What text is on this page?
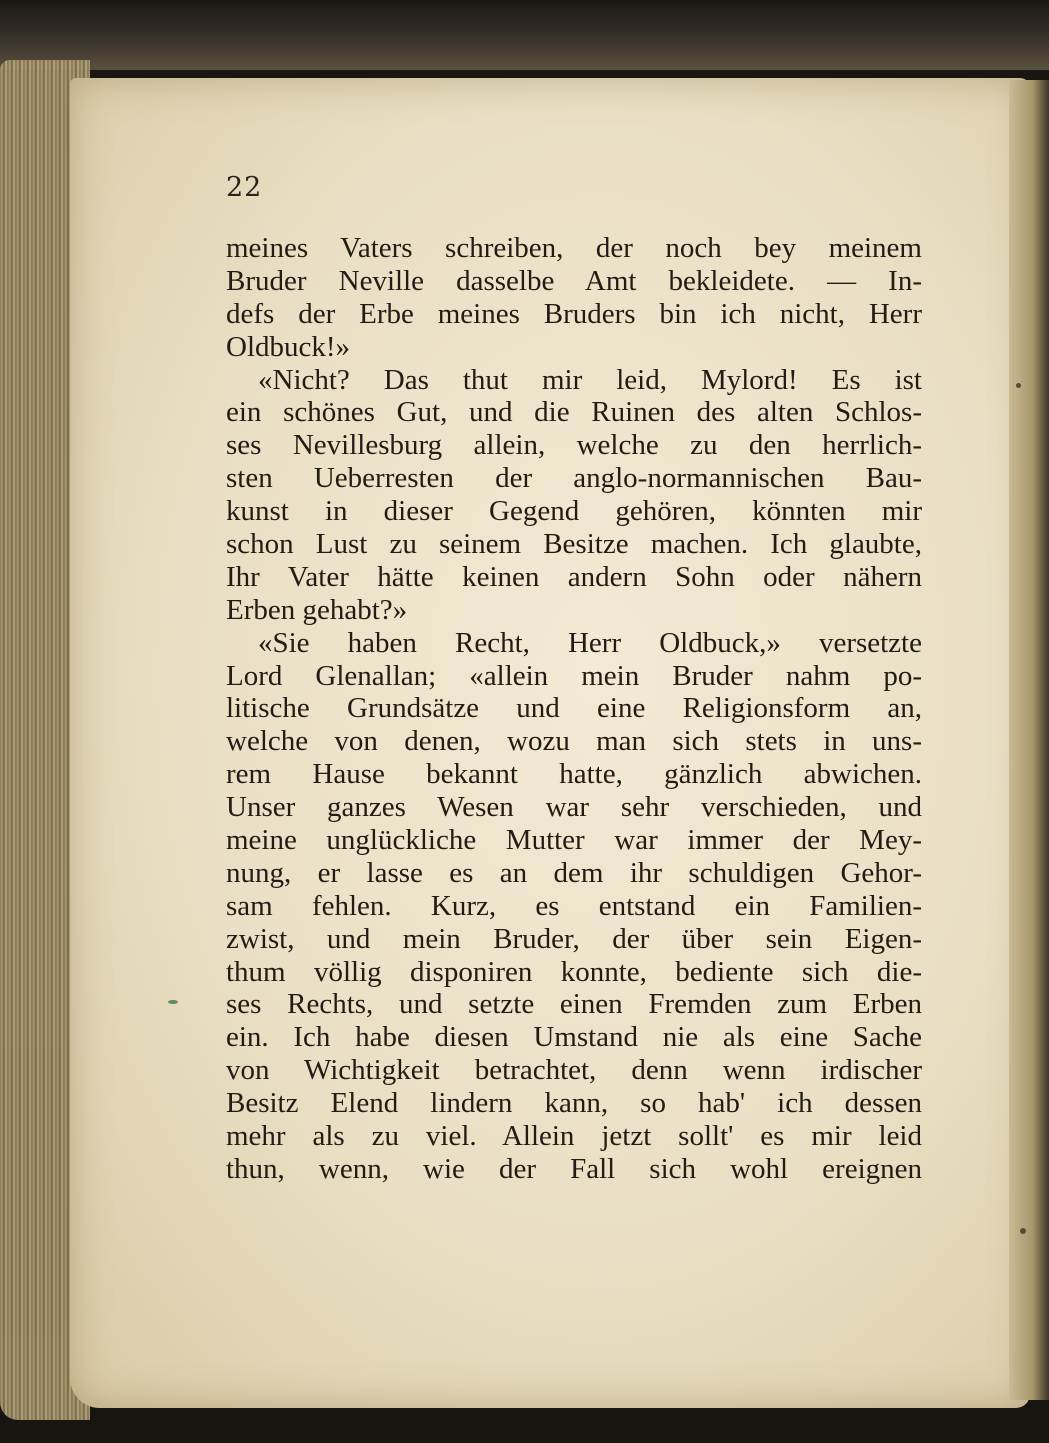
22
meines Vaters schreiben, der noch bey meinem
Bruder Neville dasselbe Amt bekleidete. — In-
defs der Erbe meines Bruders bin ich nicht, Herr
Oldbuck!»
«Nicht? Das thut mir leid, Mylord! Es ist
ein schönes Gut, und die Ruinen des alten Schlos-
ses Nevillesburg allein, welche zu den herrlich-
sten Ueberresten der anglo-normannischen Bau-
kunst in dieser Gegend gehören, könnten mir
schon Lust zu seinem Besitze machen. Ich glaubte,
Ihr Vater hätte keinen andern Sohn oder nähern
Erben gehabt?»
«Sie haben Recht, Herr Oldbuck,» versetzte
Lord Glenallan; «allein mein Bruder nahm po-
litische Grundsätze und eine Religionsform an,
welche von denen, wozu man sich stets in uns-
rem Hause bekannt hatte, gänzlich abwichen.
Unser ganzes Wesen war sehr verschieden, und
meine unglückliche Mutter war immer der Mey-
nung, er lasse es an dem ihr schuldigen Gehor-
sam fehlen. Kurz, es entstand ein Familien-
zwist, und mein Bruder, der über sein Eigen-
thum völlig disponiren konnte, bediente sich die-
ses Rechts, und setzte einen Fremden zum Erben
ein. Ich habe diesen Umstand nie als eine Sache
von Wichtigkeit betrachtet, denn wenn irdischer
Besitz Elend lindern kann, so hab' ich dessen
mehr als zu viel. Allein jetzt sollt' es mir leid
thun, wenn, wie der Fall sich wohl ereignen
